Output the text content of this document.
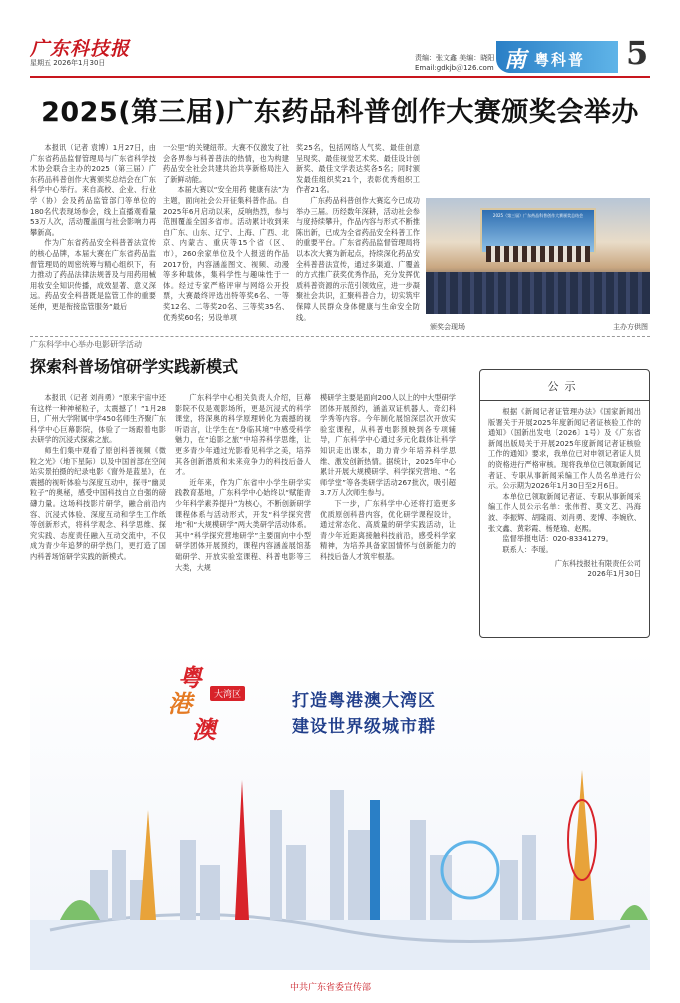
广东科技报
星期五 2026年1月30日
责编：张文鑫 美编：晓阳
Email:gdkjb＠126.com 南 粤科普 5
2025(第三届)广东药品科普创作大赛颁奖会举办

本报讯（记者 袁博）1月27日，由广东省药品监督管理局与广东省科学技术协会联合主办的2025（第三届）广东药品科普创作大赛颁奖总结会在广东科学中心举行。来自高校、企业、行业学（协）会及药品监管部门等单位的180名代表现场参会，线上直播观看量53万人次，活动覆盖面与社会影响力再攀新高。

作为广东省药品安全科普普法宣传的核心品牌，本届大赛在广东省药品监督管理局的周密统筹与精心组织下，有力推动了药品法律法规普及与用药用械用妆安全知识传播，成效显著、意义深远。药品安全科普既是监管工作的重要延伸，更是衔接监管服务“最后

一公里”的关键纽带。大赛不仅激发了社会各界参与科普普法的热情，也为构建药品安全社会共建共治共享新格局注入了新鲜动能。

本届大赛以“安全用药 健康有法”为主题，面向社会公开征集科普作品。自2025年6月启动以来，反响热烈，参与范围覆盖全国多省市。活动累计收到来自广东、山东、辽宁、上海、广西、北京、内蒙古、重庆等15个省（区、市），260余家单位及个人报送的作品2017份，内容涵盖图文、视频、动漫等多种载体，集科学性与趣味性于一体。经过专家严格评审与网络公开投票，大赛最终评选出特等奖6名、一等奖12名、二等奖20名、三等奖35名、优秀奖60名；另设单项

奖25名，包括网络人气奖、最佳创意呈现奖、最佳视觉艺术奖、最佳设计创新奖、最佳文学表达奖各5名；同时颁发最佳组织奖21个，表彰优秀组织工作者21名。

广东药品科普创作大赛迄今已成功举办三届。历经数年深耕，活动社会参与度持续攀升，作品内容与形式不断推陈出新，已成为全省药品安全科普工作的重要平台。广东省药品监督管理局将以本次大赛为新起点，持续深化药品安全科普普法宣传，通过多渠道、广覆盖的方式推广获奖优秀作品，充分发挥优质科普资源的示范引领效应，进一步凝聚社会共识，汇聚科普合力，切实筑牢保障人民群众身体健康与生命安全防线。

2025（第三届）广东药品科普创作大赛颁奖总结会
颁奖会现场	主办方供图
广东科学中心举办电影研学活动
探索科普场馆研学实践新模式

本报讯（记者 刘肖勇）“原来宇宙中还有这样一种神秘粒子，太震撼了！”1月28日，广州大学附属中学450名师生齐聚广东科学中心巨幕影院，体验了一场跟着电影去研学的沉浸式探索之旅。

师生们集中观看了原创科普视频《微粒之光》（地下星际）以及中国首部在空间站实景拍摄的纪录电影《窗外是蓝星》，在震撼的视听体验与深度互动中，探寻“幽灵粒子”的奥秘，感受中国科技自立自强的磅礴力量。这场科技影片研学，融合前沿内容、沉浸式体验、深度互动和学生工作纸等创新形式，将科学观念、科学思维、探究实践、态度责任融入互动交流中，不仅成为青少年追梦的研学热门，更打造了国内科普场馆研学实践的新模式。

广东科学中心相关负责人介绍，巨幕影院不仅是观影场所，更是沉浸式的科学课堂，将深奥的科学原理转化为震撼的视听语言，让学生在“身临其境”中感受科学魅力，在“追影之旅”中培养科学思维，让更多青少年通过光影看见科学之美，培养其各创新潜质和未来竞争力的科技后备人才。

近年来，作为广东省中小学生研学实践教育基地，广东科学中心始终以“赋能青少年科学素养提升”为核心，不断创新研学课程体系与活动形式，开发“科学探究营地”和“大规模研学”两大类研学活动体系。其中“科学探究营地研学”主要面向中小型研学团体开展预约，课程内容涵盖展馆基础研学、开放实验室课程、科普电影等三大类，大规

模研学主要是面向200人以上的中大型研学团体开展预约，涵盖双证机器人、奇幻科学秀等内容。今年制化展馆深层次开放实验室课程，从科普电影预映到各专项辅导，广东科学中心通过多元化载体让科学知识走出课本，助力青少年培养科学思维、激发创新热情。据统计，2025年中心累计开展大规模研学、科学探究营地、“名师学堂”等各类研学活动267批次，吸引超3.7万人次师生参与。

下一步，广东科学中心还将打造更多优质原创科普内容，优化研学课程设计，通过常态化、高质量的研学实践活动，让青少年近距离接触科技前沿，感受科学家精神，为培养具备家国情怀与创新能力的科技后备人才筑牢根基。

公示

根据《新闻记者证管理办法》《国家新闻出版署关于开展2025年度新闻记者证核验工作的通知》（国新出发电〔2026〕1号）及《广东省新闻出版局关于开展2025年度新闻记者证核验工作的通知》要求，我单位已对申领记者证人员的资格进行严格审核。现将我单位已领取新闻记者证、专职从事新闻采编工作人员名单进行公示。公示期为2026年1月30日至2月6日。

本单位已领取新闻记者证、专职从事新闻采编工作人员公示名单：张伟哲、莫文艺、冯海波、李振辉、胡隆雨、刘肖勇、麦博、李婉欣、张文鑫、黄彩霞、杨楚瑜、赵熙。

监督举报电话：020-83341279。

联系人：李瑷。

广东科技报社有限责任公司
2026年1月30日
粤
港
澳
大湾区	打造粤港澳大湾区
建设世界级城市群
中共广东省委宣传部
